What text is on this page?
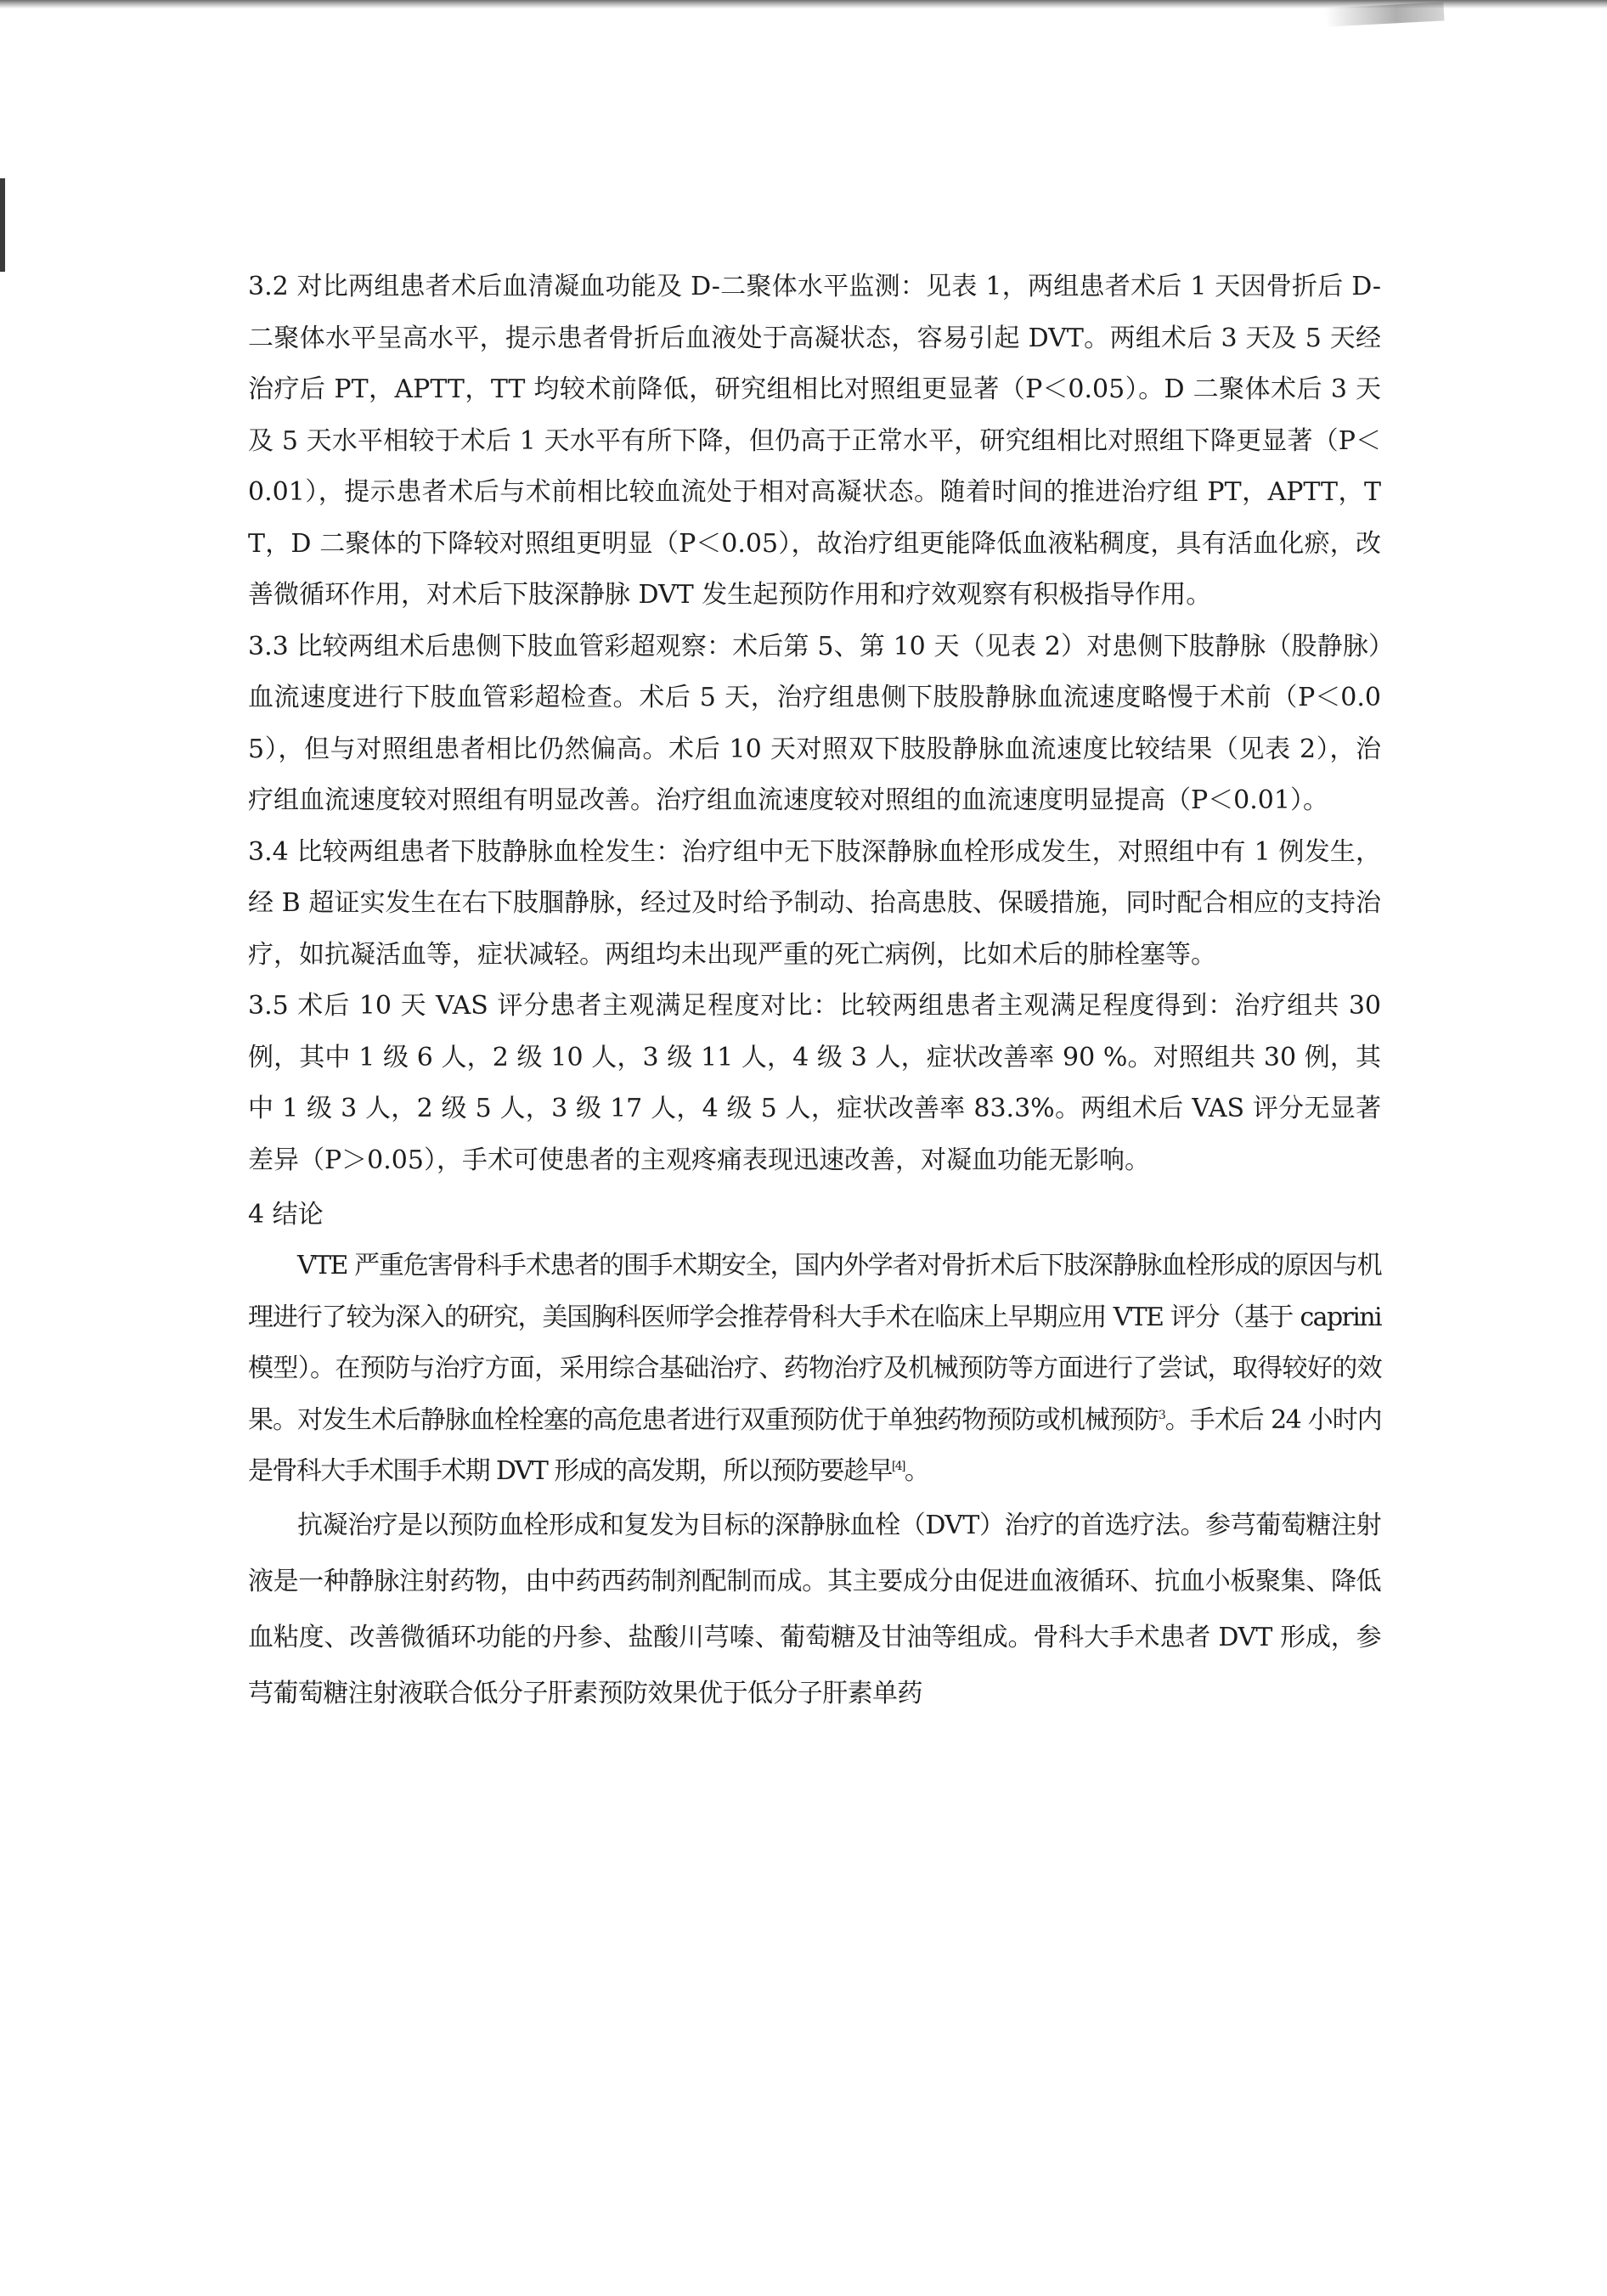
3.2 对比两组患者术后血清凝血功能及 D-二聚体水平监测：见表 1，两组患者术后 1 天因骨折后 D-二聚体水平呈高水平，提示患者骨折后血液处于高凝状态，容易引起 DVT。两组术后 3 天及 5 天经治疗后 PT，APTT，TT 均较术前降低，研究组相比对照组更显著（P＜0.05）。D 二聚体术后 3 天及 5 天水平相较于术后 1 天水平有所下降，但仍高于正常水平，研究组相比对照组下降更显著（P＜0.01），提示患者术后与术前相比较血流处于相对高凝状态。随着时间的推进治疗组 PT，APTT，TT，D 二聚体的下降较对照组更明显（P＜0.05），故治疗组更能降低血液粘稠度，具有活血化瘀，改善微循环作用，对术后下肢深静脉 DVT 发生起预防作用和疗效观察有积极指导作用。

3.3 比较两组术后患侧下肢血管彩超观察：术后第 5、第 10 天（见表 2）对患侧下肢静脉（股静脉）血流速度进行下肢血管彩超检查。术后 5 天，治疗组患侧下肢股静脉血流速度略慢于术前（P＜0.05），但与对照组患者相比仍然偏高。术后 10 天对照双下肢股静脉血流速度比较结果（见表 2），治疗组血流速度较对照组有明显改善。治疗组血流速度较对照组的血流速度明显提高（P＜0.01）。

3.4 比较两组患者下肢静脉血栓发生：治疗组中无下肢深静脉血栓形成发生，对照组中有 1 例发生，经 B 超证实发生在右下肢腘静脉，经过及时给予制动、抬高患肢、保暖措施，同时配合相应的支持治疗，如抗凝活血等，症状减轻。两组均未出现严重的死亡病例，比如术后的肺栓塞等。

3.5 术后 10 天 VAS 评分患者主观满足程度对比：比较两组患者主观满足程度得到：治疗组共 30 例，其中 1 级 6 人，2 级 10 人，3 级 11 人，4 级 3 人，症状改善率 90 %。对照组共 30 例，其中 1 级 3 人，2 级 5 人，3 级 17 人，4 级 5 人，症状改善率 83.3%。两组术后 VAS 评分无显著差异（P＞0.05），手术可使患者的主观疼痛表现迅速改善，对凝血功能无影响。

4 结论

VTE 严重危害骨科手术患者的围手术期安全，国内外学者对骨折术后下肢深静脉血栓形成的原因与机理进行了较为深入的研究，美国胸科医师学会推荐骨科大手术在临床上早期应用 VTE 评分（基于 caprini 模型）。在预防与治疗方面，采用综合基础治疗、药物治疗及机械预防等方面进行了尝试，取得较好的效果。对发生术后静脉血栓栓塞的高危患者进行双重预防优于单独药物预防或机械预防$^3$。手术后 24 小时内是骨科大手术围手术期 DVT 形成的高发期，所以预防要趁早[4]。

抗凝治疗是以预防血栓形成和复发为目标的深静脉血栓（DVT）治疗的首选疗法。参芎葡萄糖注射液是一种静脉注射药物，由中药西药制剂配制而成。其主要成分由促进血液循环、抗血小板聚集、降低血粘度、改善微循环功能的丹参、盐酸川芎嗪、葡萄糖及甘油等组成。骨科大手术患者 DVT 形成，参芎葡萄糖注射液联合低分子肝素预防效果优于低分子肝素单药
